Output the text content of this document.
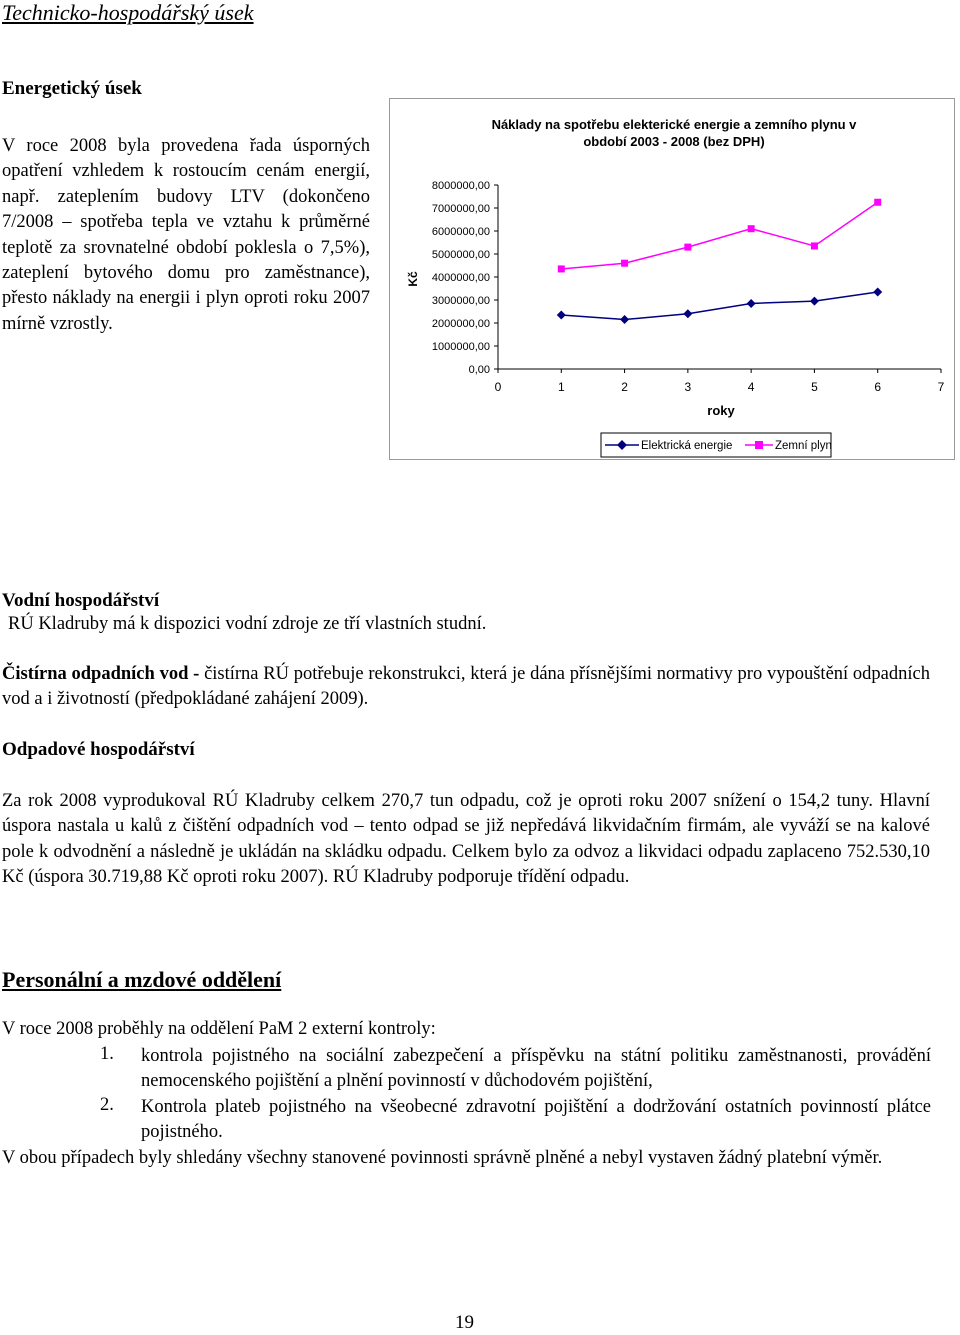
Technicko-hospodářský úsek
Energetický úsek
V roce 2008 byla provedena řada úsporných opatření vzhledem k rostoucím cenám energií, např. zateplením budovy LTV (dokončeno 7/2008 – spotřeba tepla ve vztahu k průměrné teplotě za srovnatelné období poklesla o 7,5%), zateplení bytového domu pro zaměstnance), přesto náklady na energii i plyn oproti roku 2007 mírně vzrostly.
Náklady na spotřebu elekterické energie a zemního plynu v
období 2003 - 2008 (bez DPH)
Kč
roky
0,00
1000000,00
2000000,00
3000000,00
4000000,00
5000000,00
6000000,00
7000000,00
8000000,00
0	1	2	3	4	5	6	7
Elektrická energie	Zemní plyn
Vodní hospodářství
RÚ Kladruby má k dispozici vodní zdroje ze tří vlastních studní.
Čistírna odpadních vod - čistírna RÚ potřebuje rekonstrukci, která je dána přísnějšími normativy pro vypouštění odpadních vod a i životností (předpokládané zahájení 2009).
Odpadové hospodářství
Za rok 2008 vyprodukoval RÚ Kladruby celkem 270,7 tun odpadu, což je oproti roku 2007 snížení o 154,2 tuny. Hlavní úspora nastala u kalů z čištění odpadních vod – tento odpad se již nepředává likvidačním firmám, ale vyváží se na kalové pole k odvodnění a následně je ukládán na skládku odpadu. Celkem bylo za odvoz a likvidaci odpadu zaplaceno 752.530,10 Kč (úspora 30.719,88 Kč oproti roku 2007). RÚ Kladruby podporuje třídění odpadu.
Personální a mzdové oddělení
V roce 2008 proběhly na oddělení PaM 2 externí kontroly:
1. kontrola pojistného na sociální zabezpečení a příspěvku na státní politiku zaměstnanosti, provádění nemocenského pojištění a plnění povinností v důchodovém pojištění,
2. Kontrola plateb pojistného na všeobecné zdravotní pojištění a dodržování ostatních povinností plátce pojistného.
V obou případech byly shledány všechny stanovené povinnosti správně plněné a nebyl vystaven žádný platební výměr.
19
